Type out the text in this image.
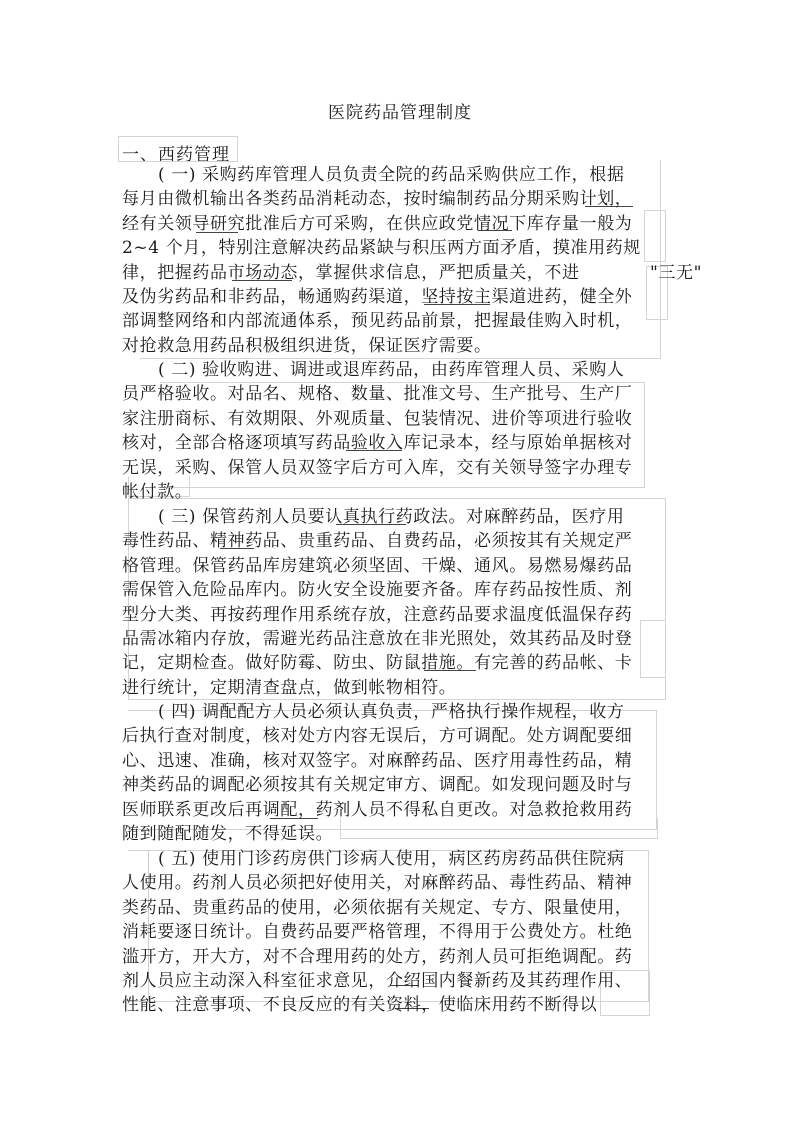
医院药品管理制度
一、西药管理
( 一) 采购药库管理人员负责全院的药品采购供应工作，根据
每月由微机输出各类药品消耗动态，按时编制药品分期采购计划，
经有关领导研究批准后方可采购，在供应政党情况下库存量一般为
2~4 个月，特别注意解决药品紧缺与积压两方面矛盾，摸准用药规
律，把握药品市场动态，掌握供求信息，严把质量关，不进　　　　"三无"
及伪劣药品和非药品，畅通购药渠道，坚持按主渠道进药，健全外
部调整网络和内部流通体系，预见药品前景，把握最佳购入时机，
对抢救急用药品积极组织进货，保证医疗需要。
( 二) 验收购进、调进或退库药品，由药库管理人员、采购人
员严格验收。对品名、规格、数量、批准文号、生产批号、生产厂
家注册商标、有效期限、外观质量、包装情况、进价等项进行验收
核对，全部合格逐项填写药品验收入库记录本，经与原始单据核对
无误，采购、保管人员双签字后方可入库，交有关领导签字办理专
帐付款。
( 三) 保管药剂人员要认真执行药政法。对麻醉药品，医疗用
毒性药品、精神药品、贵重药品、自费药品，必须按其有关规定严
格管理。保管药品库房建筑必须坚固、干燥、通风。易燃易爆药品
需保管入危险品库内。防火安全设施要齐备。库存药品按性质、剂
型分大类、再按药理作用系统存放，注意药品要求温度低温保存药
品需冰箱内存放，需避光药品注意放在非光照处，效其药品及时登
记，定期检查。做好防霉、防虫、防鼠措施。有完善的药品帐、卡
进行统计，定期清查盘点，做到帐物相符。
( 四) 调配配方人员必须认真负责，严格执行操作规程，收方
后执行查对制度，核对处方内容无误后，方可调配。处方调配要细
心、迅速、准确，核对双签字。对麻醉药品、医疗用毒性药品，精
神类药品的调配必须按其有关规定审方、调配。如发现问题及时与
医师联系更改后再调配，药剂人员不得私自更改。对急救抢救用药
随到随配随发，不得延误。
( 五) 使用门诊药房供门诊病人使用，病区药房药品供住院病
人使用。药剂人员必须把好使用关，对麻醉药品、毒性药品、精神
类药品、贵重药品的使用，必须依据有关规定、专方、限量使用，
消耗要逐日统计。自费药品要严格管理，不得用于公费处方。杜绝
滥开方，开大方，对不合理用药的处方，药剂人员可拒绝调配。药
剂人员应主动深入科室征求意见，介绍国内餐新药及其药理作用、
性能、注意事项、不良反应的有关资料，使临床用药不断得以
